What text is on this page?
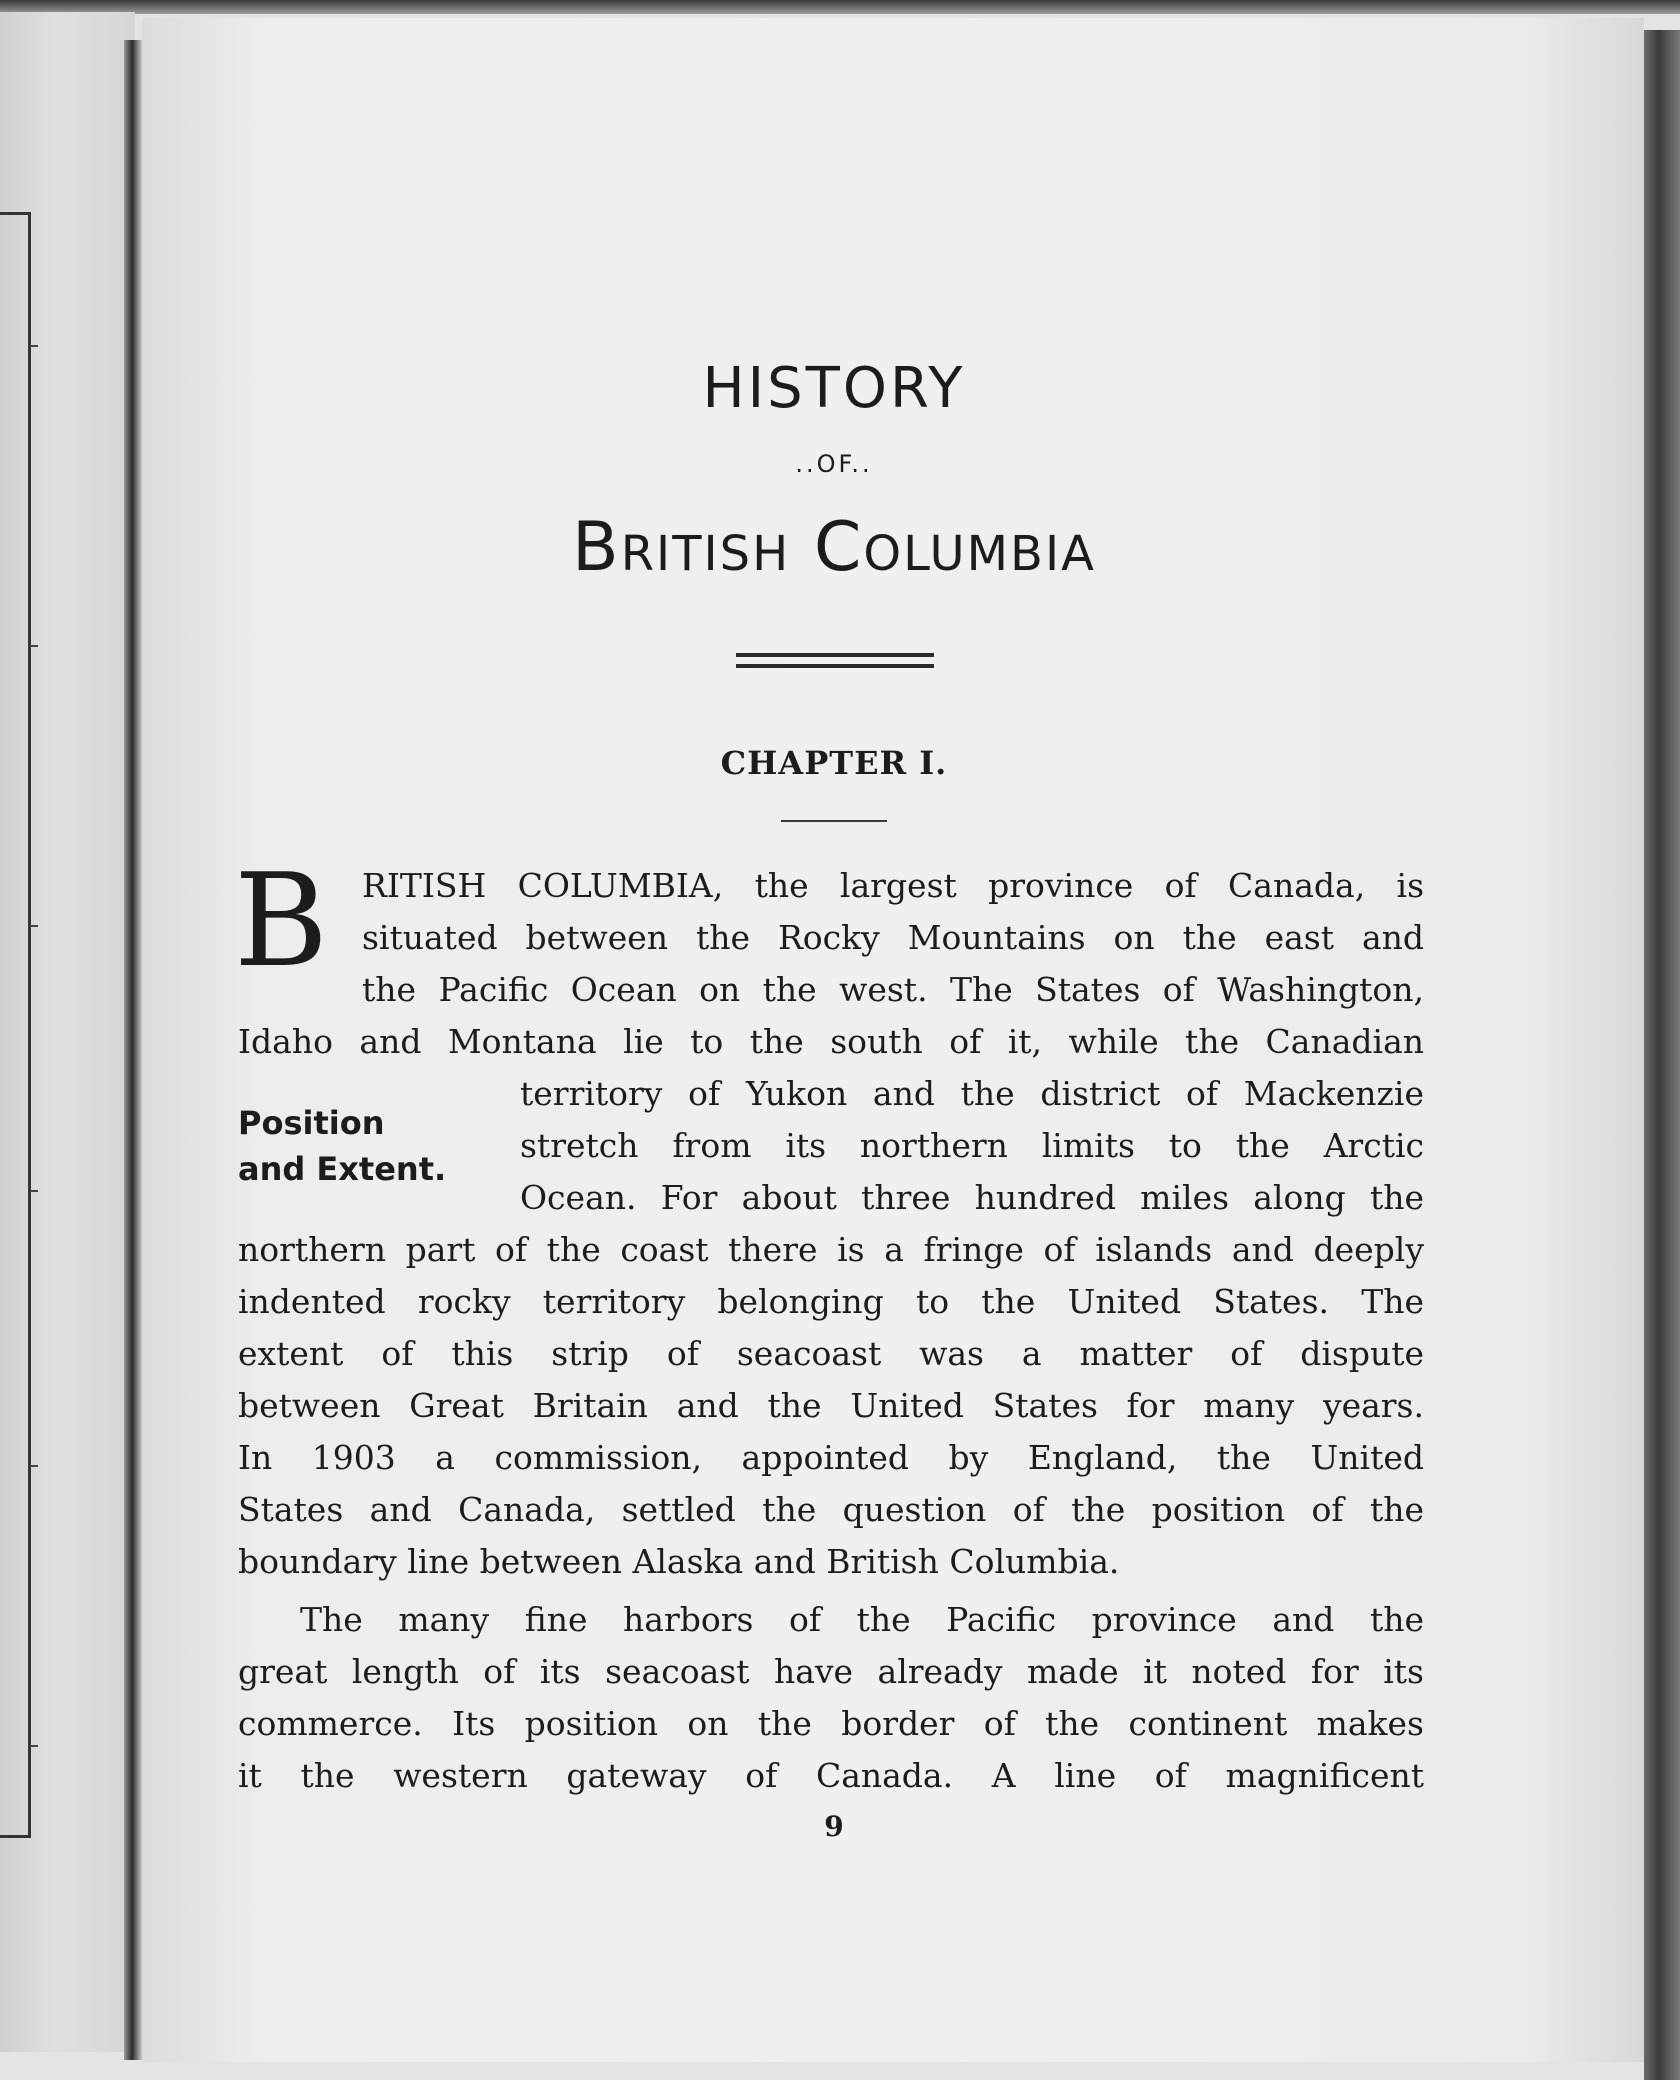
HISTORY
..OF..
British Columbia
CHAPTER I.
B
Position
and Extent.
RITISH COLUMBIA, the largest province of Canada, is
situated between the Rocky Mountains on the east and
the Pacific Ocean on the west. The States of Washington,
Idaho and Montana lie to the south of it, while the Canadian
territory of Yukon and the district of Mackenzie
stretch from its northern limits to the Arctic
Ocean. For about three hundred miles along the
northern part of the coast there is a fringe of islands and deeply
indented rocky territory belonging to the United States. The
extent of this strip of seacoast was a matter of dispute
between Great Britain and the United States for many years.
In 1903 a commission, appointed by England, the United
States and Canada, settled the question of the position of the
boundary line between Alaska and British Columbia.
The many fine harbors of the Pacific province and the
great length of its seacoast have already made it noted for its
commerce. Its position on the border of the continent makes
it the western gateway of Canada. A line of magnificent
9
